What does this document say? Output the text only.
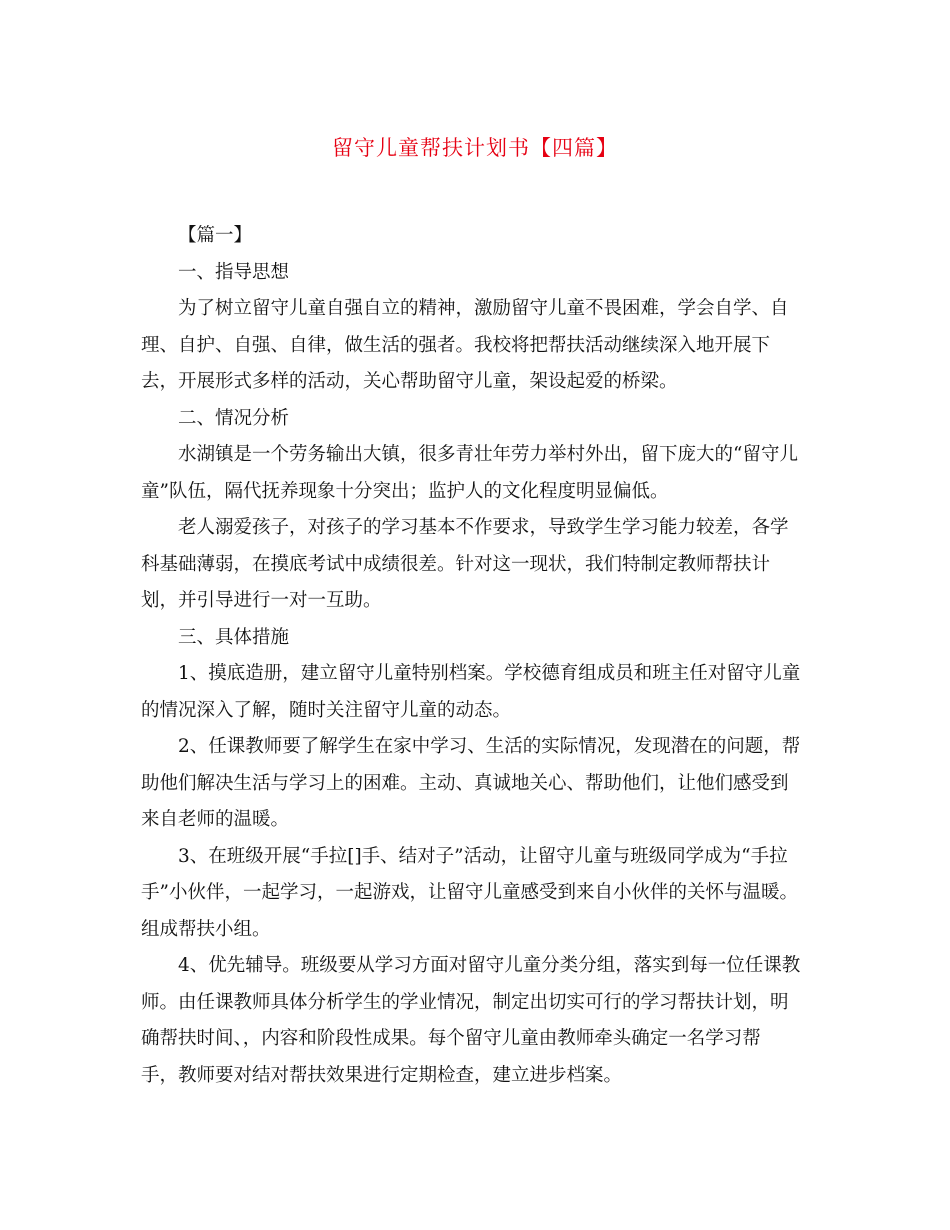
留守儿童帮扶计划书【四篇】
【篇一】
一、指导思想
为了树立留守儿童自强自立的精神，激励留守儿童不畏困难，学会自学、自
理、自护、自强、自律，做生活的强者。我校将把帮扶活动继续深入地开展下
去，开展形式多样的活动，关心帮助留守儿童，架设起爱的桥梁。
二、情况分析
水湖镇是一个劳务输出大镇，很多青壮年劳力举村外出，留下庞大的“留守儿
童”队伍，隔代抚养现象十分突出；监护人的文化程度明显偏低。
老人溺爱孩子，对孩子的学习基本不作要求，导致学生学习能力较差，各学
科基础薄弱，在摸底考试中成绩很差。针对这一现状，我们特制定教师帮扶计
划，并引导进行一对一互助。
三、具体措施
1、摸底造册，建立留守儿童特别档案。学校德育组成员和班主任对留守儿童
的情况深入了解，随时关注留守儿童的动态。
2、任课教师要了解学生在家中学习、生活的实际情况，发现潜在的问题，帮
助他们解决生活与学习上的困难。主动、真诚地关心、帮助他们，让他们感受到
来自老师的温暖。
3、在班级开展“手拉[]手、结对子”活动，让留守儿童与班级同学成为“手拉
手”小伙伴，一起学习，一起游戏，让留守儿童感受到来自小伙伴的关怀与温暖。
组成帮扶小组。
4、优先辅导。班级要从学习方面对留守儿童分类分组，落实到每一位任课教
师。由任课教师具体分析学生的学业情况，制定出切实可行的学习帮扶计划，明
确帮扶时间、，内容和阶段性成果。每个留守儿童由教师牵头确定一名学习帮
手，教师要对结对帮扶效果进行定期检查，建立进步档案。
